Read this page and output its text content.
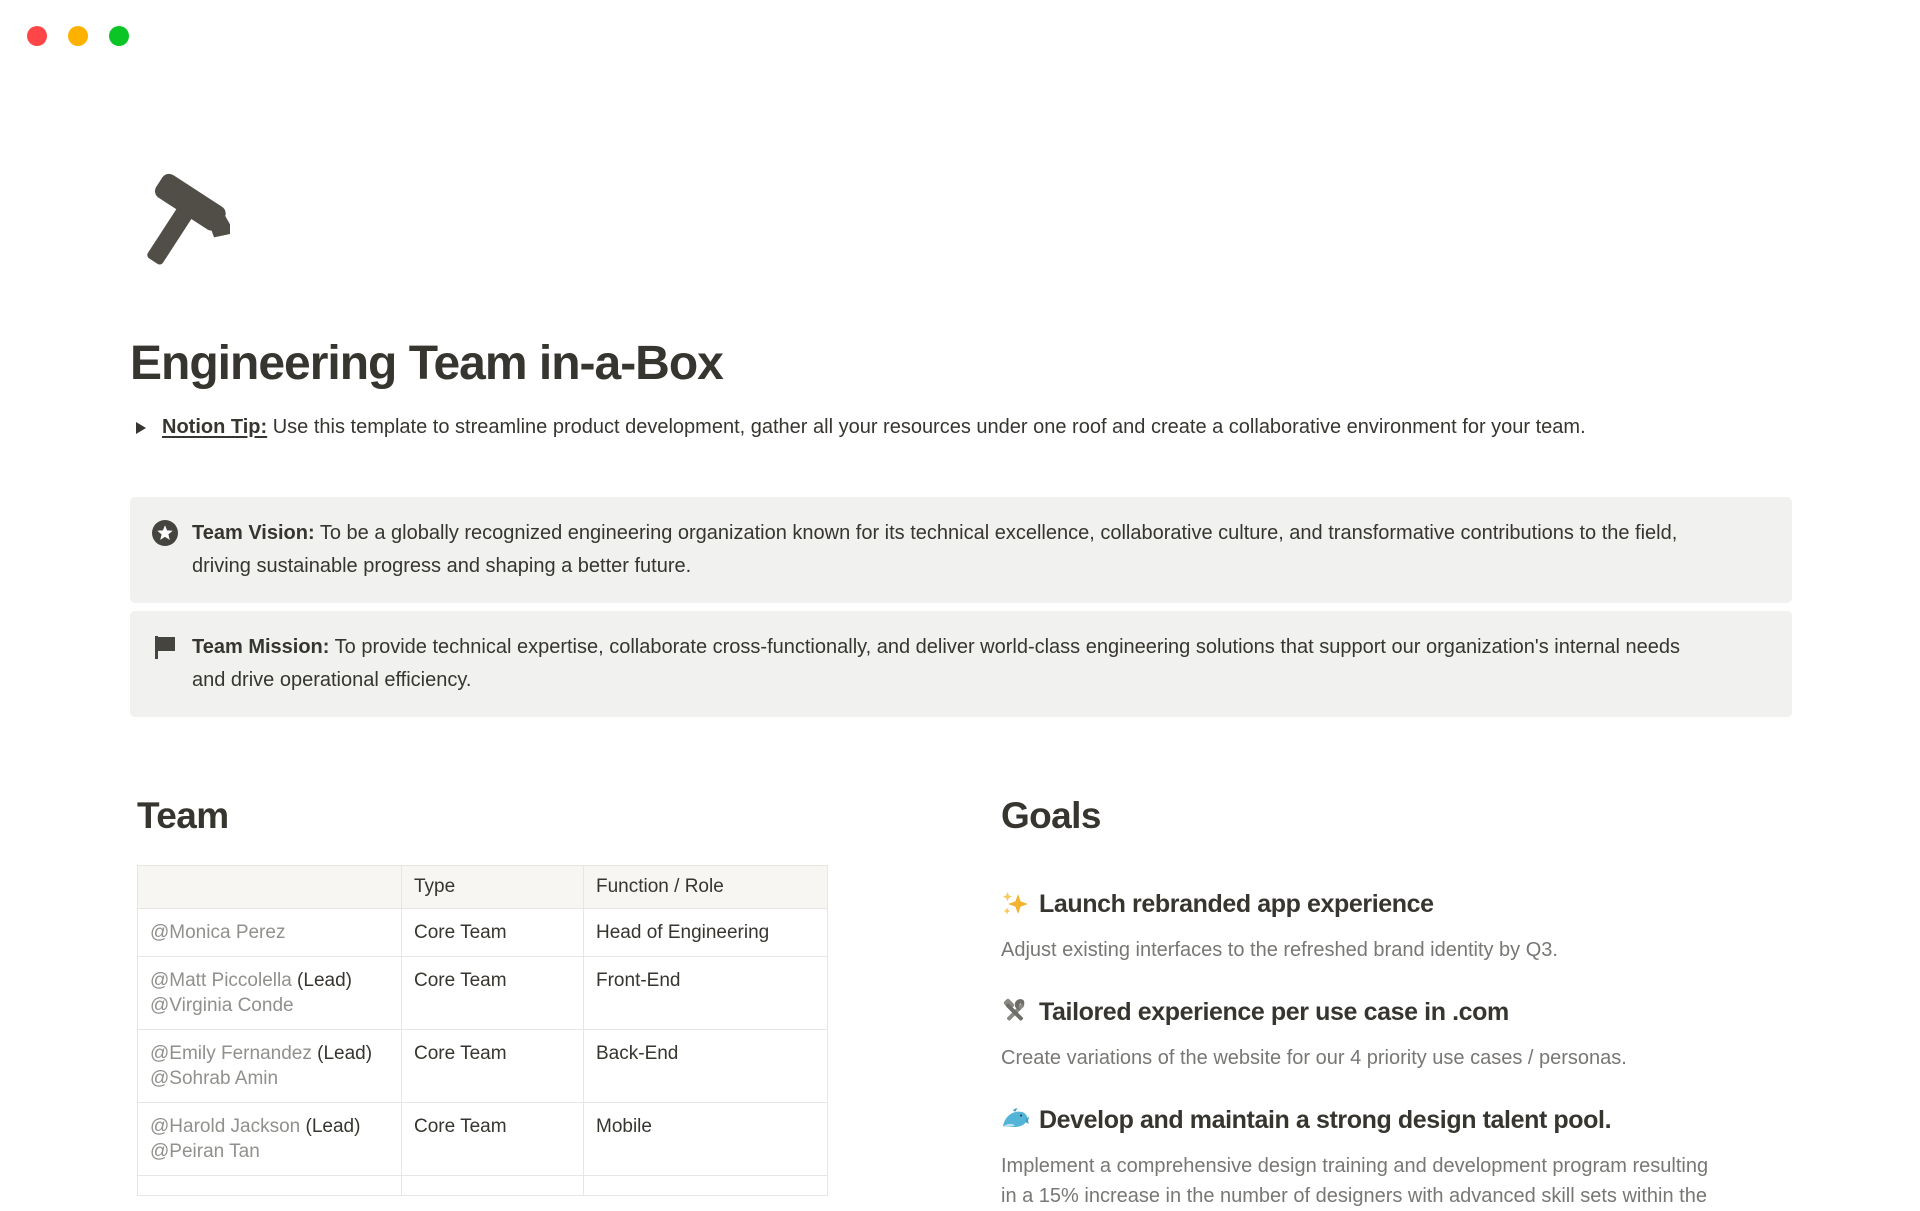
Engineering Team in-a-Box

Notion Tip: Use this template to streamline product development, gather all your resources under one roof and create a collaborative environment for your team.

Team Vision: To be a globally recognized engineering organization known for its technical excellence, collaborative culture, and transformative contributions to the field, driving sustainable progress and shaping a better future.

Team Mission: To provide technical expertise, collaborate cross-functionally, and deliver world-class engineering solutions that support our organization's internal needs and drive operational efficiency.

Team
	Type	Function / Role

@Monica Perez	Core Team	Head of Engineering

@Matt Piccolella (Lead)
@Virginia Conde	Core Team	Front-End

@Emily Fernandez (Lead)
@Sohrab Amin	Core Team	Back-End

@Harold Jackson (Lead)
@Peiran Tan	Core Team	Mobile

Goals
Launch rebranded app experience

Adjust existing interfaces to the refreshed brand identity by Q3.

Tailored experience per use case in .com

Create variations of the website for our 4 priority use cases / personas.

Develop and maintain a strong design talent pool.

Implement a comprehensive design training and development program resulting in a 15% increase in the number of designers with advanced skill sets within the
